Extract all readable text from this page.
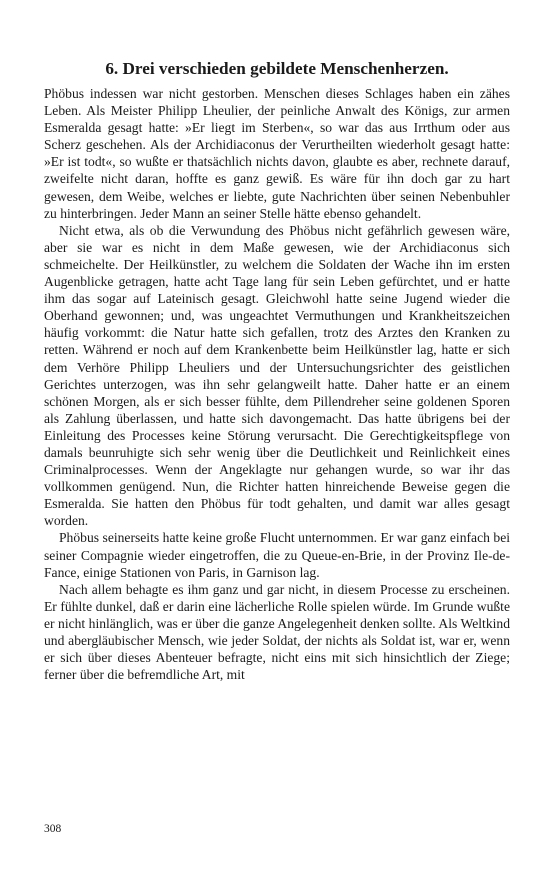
6. Drei verschieden gebildete Menschenherzen.

Phöbus indessen war nicht gestorben. Menschen dieses Schlages haben ein zähes Leben. Als Meister Philipp Lheulier, der peinliche Anwalt des Königs, zur armen Esmeralda gesagt hatte: »Er liegt im Sterben«, so war das aus Irrthum oder aus Scherz geschehen. Als der Archidiaconus der Verurtheilten wiederholt gesagt hatte: »Er ist todt«, so wußte er thatsächlich nichts davon, glaubte es aber, rechnete darauf, zweifelte nicht daran, hoffte es ganz gewiß. Es wäre für ihn doch gar zu hart gewesen, dem Weibe, welches er liebte, gute Nachrichten über seinen Nebenbuhler zu hinterbringen. Jeder Mann an seiner Stelle hätte ebenso gehandelt.

Nicht etwa, als ob die Verwundung des Phöbus nicht gefährlich gewesen wäre, aber sie war es nicht in dem Maße gewesen, wie der Archidiaconus sich schmeichelte. Der Heilkünstler, zu welchem die Soldaten der Wache ihn im ersten Augenblicke getragen, hatte acht Tage lang für sein Leben gefürchtet, und er hatte ihm das sogar auf Lateinisch gesagt. Gleichwohl hatte seine Jugend wieder die Oberhand gewonnen; und, was ungeachtet Vermuthungen und Krankheitszeichen häufig vorkommt: die Natur hatte sich gefallen, trotz des Arztes den Kranken zu retten. Während er noch auf dem Krankenbette beim Heilkünstler lag, hatte er sich dem Verhöre Philipp Lheuliers und der Untersuchungsrichter des geistlichen Gerichtes unterzogen, was ihn sehr gelangweilt hatte. Daher hatte er an einem schönen Morgen, als er sich besser fühlte, dem Pillendreher seine goldenen Sporen als Zahlung überlassen, und hatte sich davongemacht. Das hatte übrigens bei der Einleitung des Processes keine Störung verursacht. Die Gerechtigkeitspflege von damals beunruhigte sich sehr wenig über die Deutlichkeit und Reinlichkeit eines Criminalprocesses. Wenn der Angeklagte nur gehangen wurde, so war ihr das vollkommen genügend. Nun, die Richter hatten hinreichende Beweise gegen die Esmeralda. Sie hatten den Phöbus für todt gehalten, und damit war alles gesagt worden.

Phöbus seinerseits hatte keine große Flucht unternommen. Er war ganz einfach bei seiner Compagnie wieder eingetroffen, die zu Queue-en-Brie, in der Provinz Ile-de-Fance, einige Stationen von Paris, in Garnison lag.

Nach allem behagte es ihm ganz und gar nicht, in diesem Processe zu erscheinen. Er fühlte dunkel, daß er darin eine lächerliche Rolle spielen würde. Im Grunde wußte er nicht hinlänglich, was er über die ganze Angelegenheit denken sollte. Als Weltkind und abergläubischer Mensch, wie jeder Soldat, der nichts als Soldat ist, war er, wenn er sich über dieses Abenteuer befragte, nicht eins mit sich hinsichtlich der Ziege; ferner über die befremdliche Art, mit

308
